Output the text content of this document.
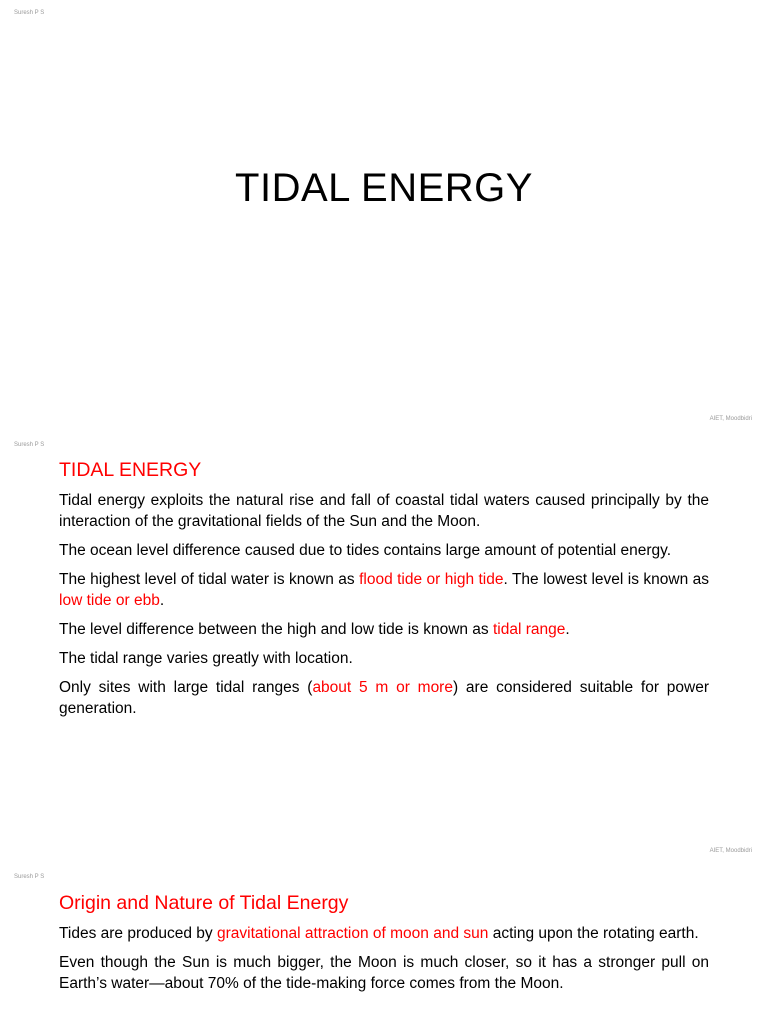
Suresh P S
TIDAL ENERGY
AIET, Moodbidri
Suresh P S
TIDAL ENERGY

Tidal energy exploits the natural rise and fall of coastal tidal waters caused principally by the interaction of the gravitational fields of the Sun and the Moon.

The ocean level difference caused due to tides contains large amount of potential energy.

The highest level of tidal water is known as flood tide or high tide. The lowest level is known as low tide or ebb.

The level difference between the high and low tide is known as tidal range.

The tidal range varies greatly with location.

Only sites with large tidal ranges (about 5 m or more) are considered suitable for power generation.

AIET, Moodbidri
Suresh P S
Origin and Nature of Tidal Energy

Tides are produced by gravitational attraction of moon and sun acting upon the rotating earth.

Even though the Sun is much bigger, the Moon is much closer, so it has a stronger pull on Earth’s water—about 70% of the tide-making force comes from the Moon.
